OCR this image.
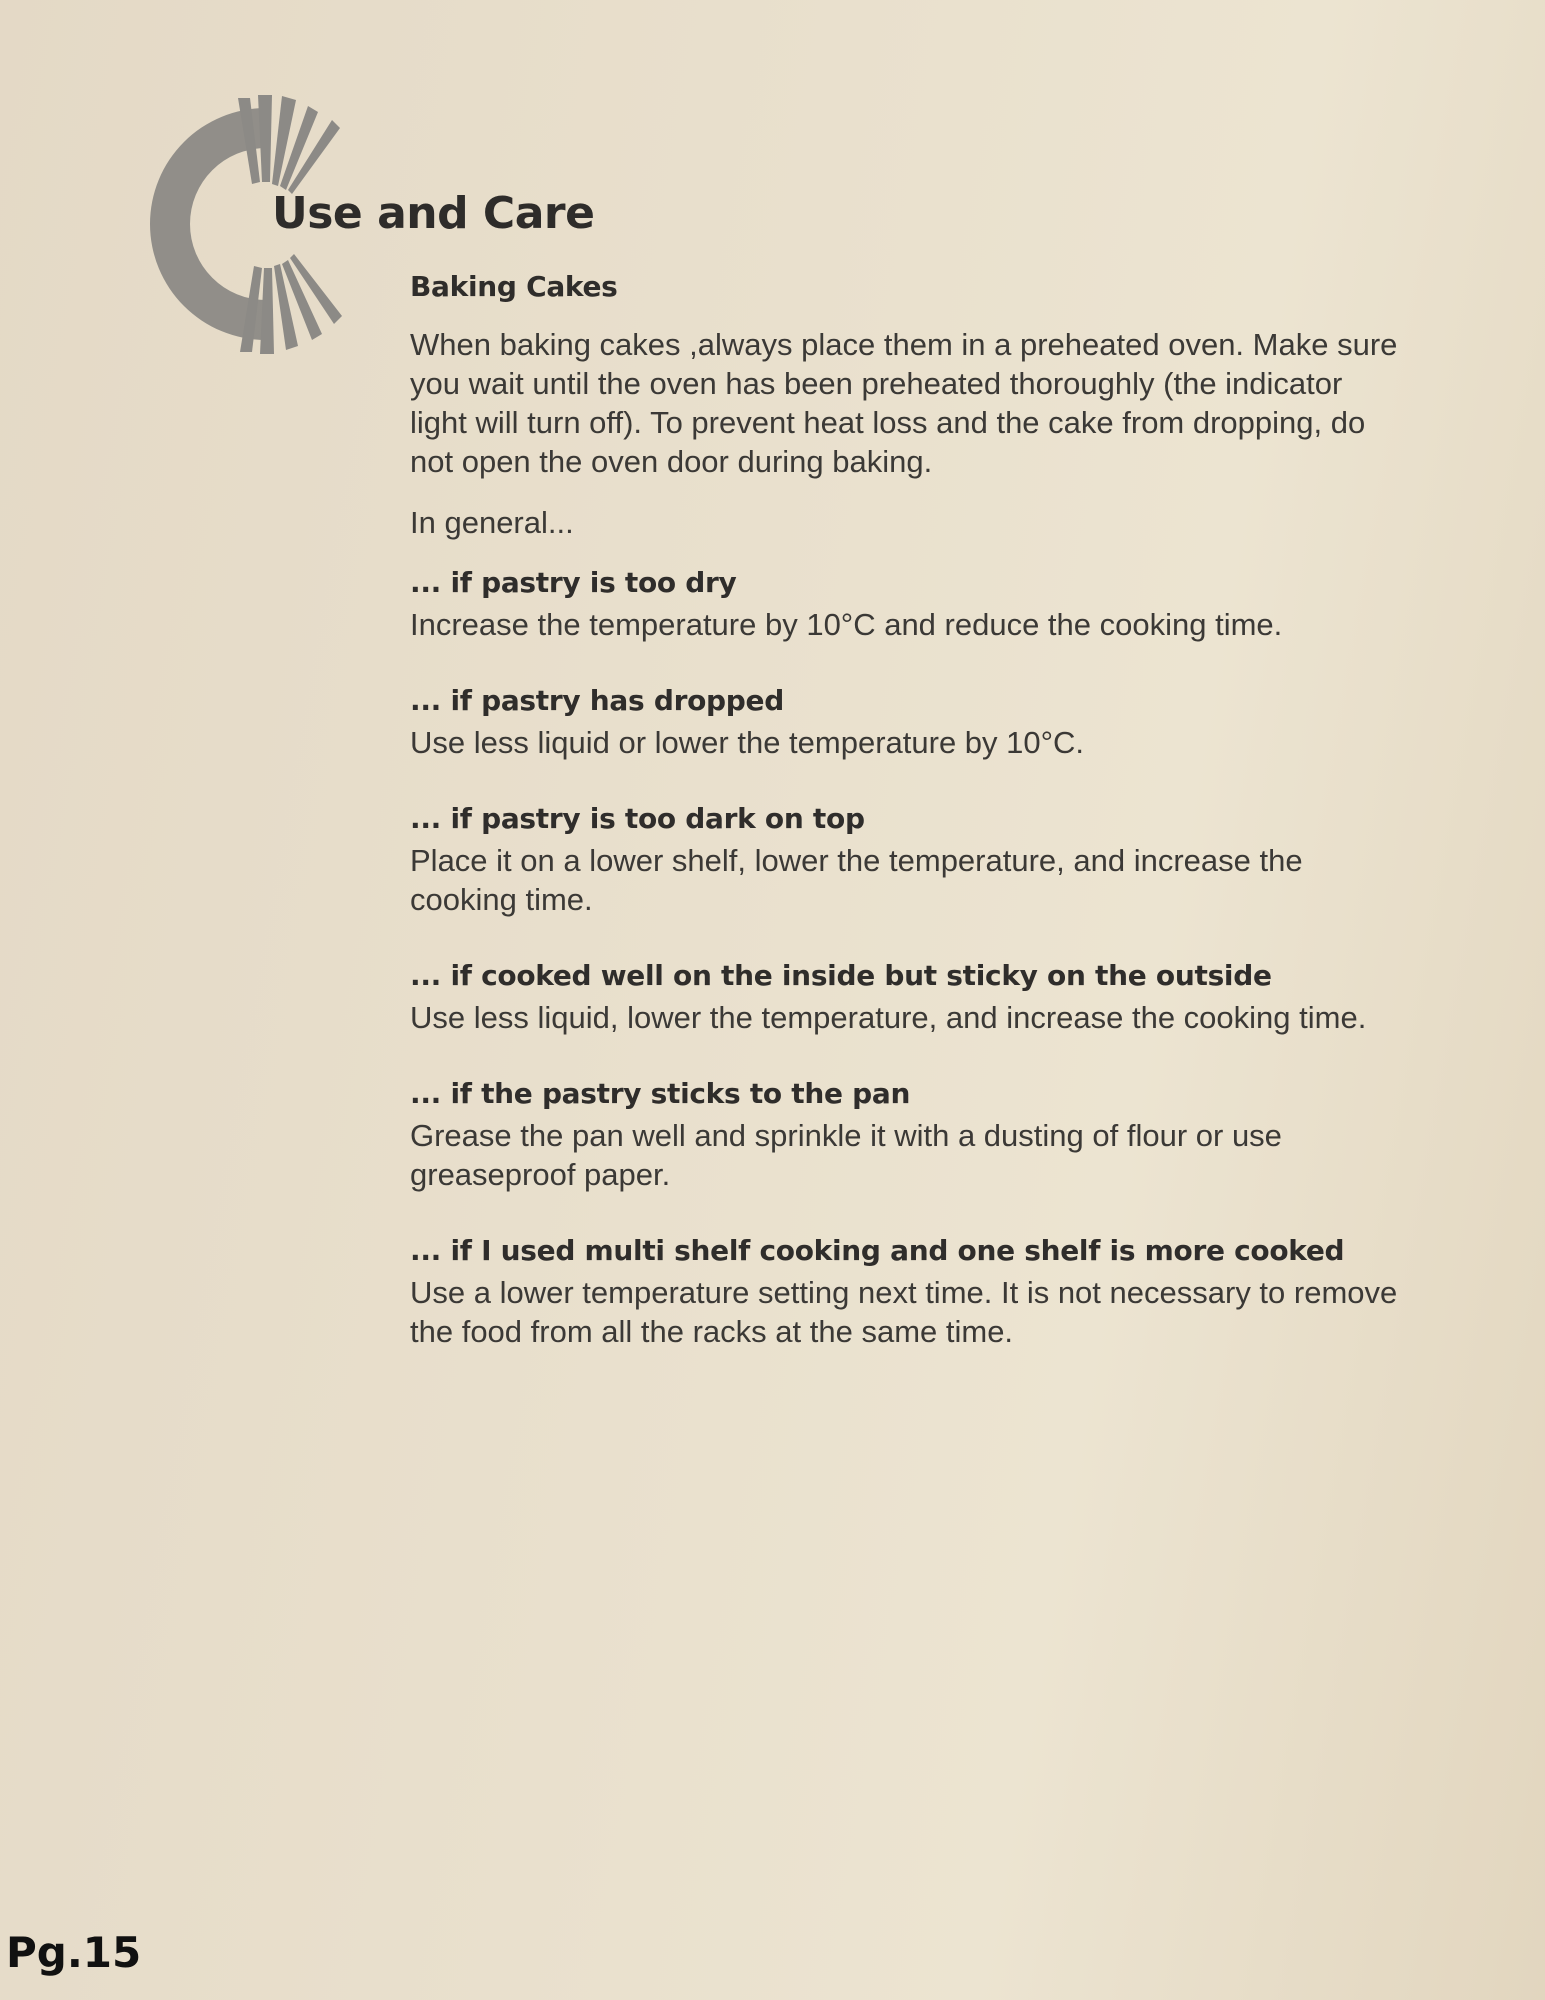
Use and Care
Baking Cakes

When baking cakes ,always place them in a preheated oven. Make sure you wait until the oven has been preheated thoroughly (the indicator light will turn off). To prevent heat loss and the cake from dropping, do not open the oven door during baking.

In general...

... if pastry is too dry

Increase the temperature by 10°C and reduce the cooking time.

... if pastry has dropped

Use less liquid or lower the temperature by 10°C.

... if pastry is too dark on top

Place it on a lower shelf, lower the temperature, and increase the cooking time.

... if cooked well on the inside but sticky on the outside

Use less liquid, lower the temperature, and increase the cooking time.

... if the pastry sticks to the pan

Grease the pan well and sprinkle it with a dusting of flour or use greaseproof paper.

... if I used multi shelf cooking and one shelf is more cooked

Use a lower temperature setting next time. It is not necessary to remove the food from all the racks at the same time.

Pg.15
